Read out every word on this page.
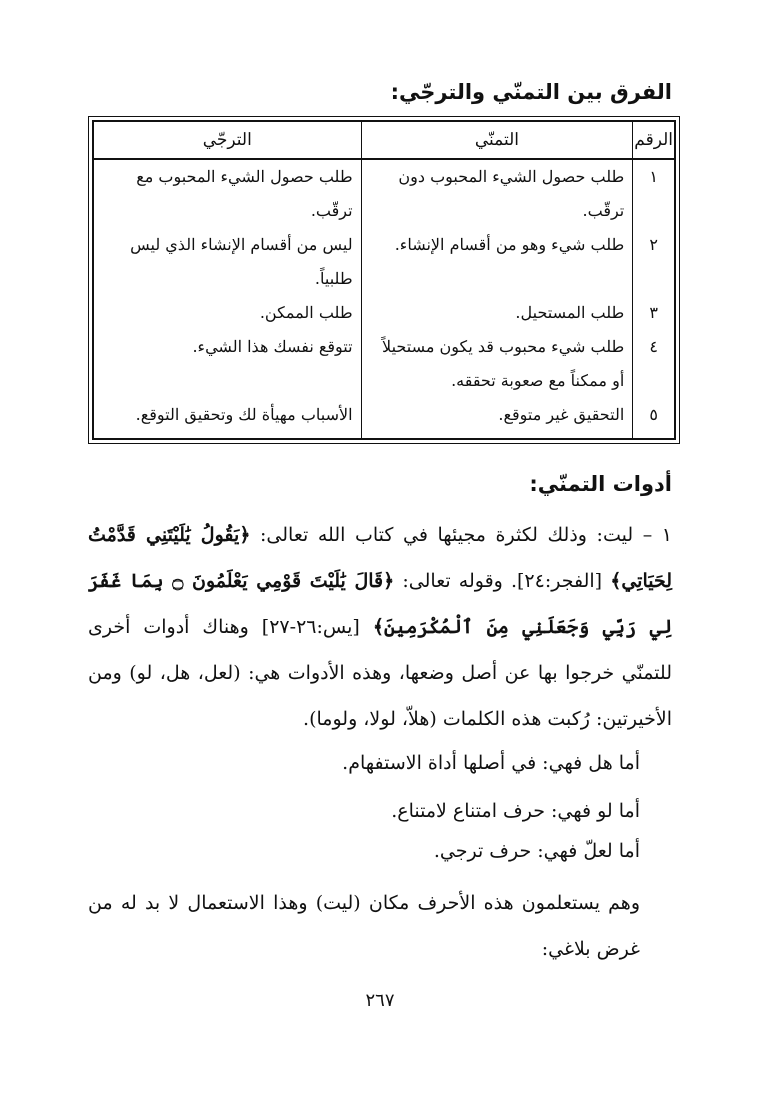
الفرق بين التمنّي والترجّي:
الرقم	التمنّي	الترجّي
١	طلب حصول الشيء المحبوب دون ترقّب.	طلب حصول الشيء المحبوب مع ترقّب.
٢	طلب شيء وهو من أقسام الإنشاء.	ليس من أقسام الإنشاء الذي ليس طلبياً.
٣	طلب المستحيل.	طلب الممكن.
٤	طلب شيء محبوب قد يكون مستحيلاً أو ممكناً مع صعوبة تحققه.	تتوقع نفسك هذا الشيء.
٥	التحقيق غير متوقع.	الأسباب مهيأة لك وتحقيق التوقع.
أدوات التمنّي:

١ – ليت: وذلك لكثرة مجيئها في كتاب الله تعالى: ﴿يَقُولُ يَٰلَيْتَنِي قَدَّمْتُ لِحَيَاتِي﴾ [الفجر:٢٤]. وقوله تعالى: ﴿قَالَ يَٰلَيْتَ قَوْمِي يَعْلَمُونَ ۝ بِمَا غَفَرَ لِي رَبِّي وَجَعَلَنِي مِنَ ٱلْمُكْرَمِينَ﴾ [يس:٢٦-٢٧] وهناك أدوات أخرى للتمنّي خرجوا بها عن أصل وضعها، وهذه الأدوات هي: (لعل، هل، لو) ومن الأخيرتين: رُكبت هذه الكلمات (هلاّ، لولا، ولوما).

أما هل فهي: في أصلها أداة الاستفهام.
أما لو فهي: حرف امتناع لامتناع.
أما لعلّ فهي: حرف ترجي.

وهم يستعلمون هذه الأحرف مكان (ليت) وهذا الاستعمال لا بد له من غرض بلاغي:

٢٦٧
